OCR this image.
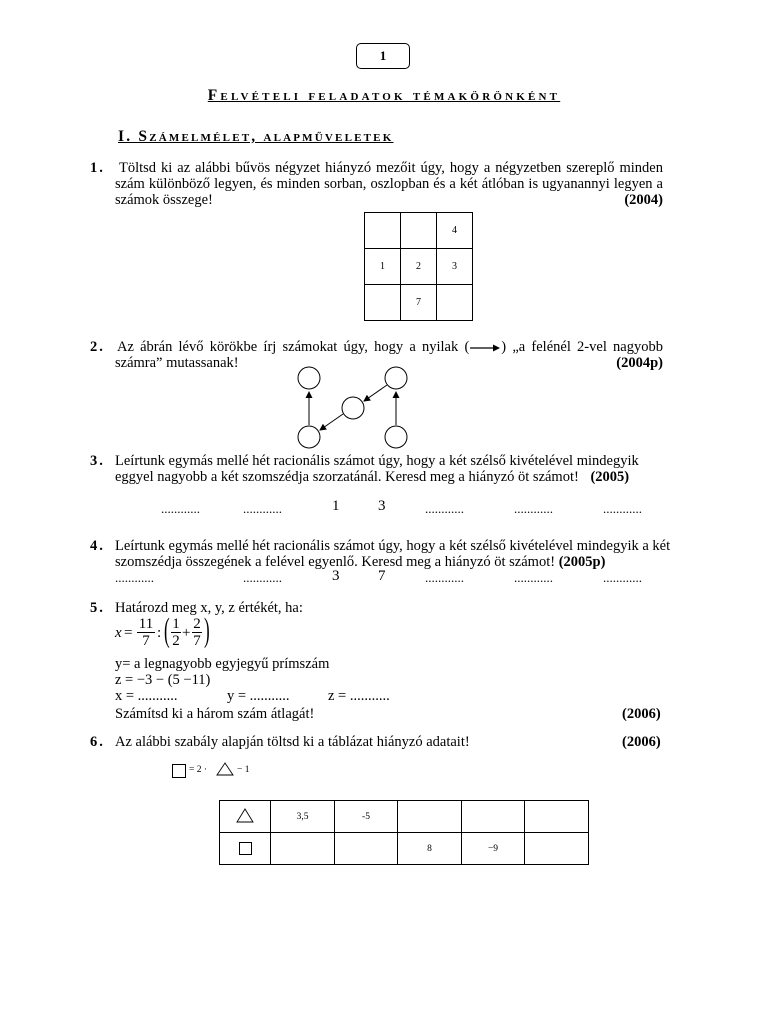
1
Felvételi feladatok témakörönként
I. Számelmélet, alapműveletek
1. Töltsd ki az alábbi bűvös négyzet hiányzó mezőit úgy, hogy a négyzetben szereplő minden szám különböző legyen, és minden sorban, oszlopban és a két átlóban is ugyanannyi legyen a számok összege!	(2004)
		4
1	2	3
	7	
2. Az ábrán lévő körökbe írj számokat úgy, hogy a nyilak ( ) „a felénél 2-vel nagyobb számra” mutassanak!	(2004p)
3. Leírtunk egymás mellé hét racionális számot úgy, hogy a két szélső kivételével mindegyik eggyel nagyobb a két szomszédja szorzatánál. Keresd meg a hiányzó öt számot! (2005)
............	............	1	3	............	............	............
4. Leírtunk egymás mellé hét racionális számot úgy, hogy a két szélső kivételével mindegyik a két szomszédja összegének a felével egyenlő. Keresd meg a hiányzó öt számot! (2005p)
............	............	3	7	............	............	............
5. Határozd meg x, y, z értékét, ha:
x =
11
7 : ( 1
2 +
2
7 )
y= a legnagyobb egyjegyű prímszám
z = −3 − (5 −11)
x = ...........	y = ...........	z = ...........
Számítsd ki a három szám átlagát!	(2006)
6. Az alábbi szabály alapján töltsd ki a táblázat hiányzó adatait!	(2006)
= 2 ·	− 1
	3,5	-5			
			8	−9	
